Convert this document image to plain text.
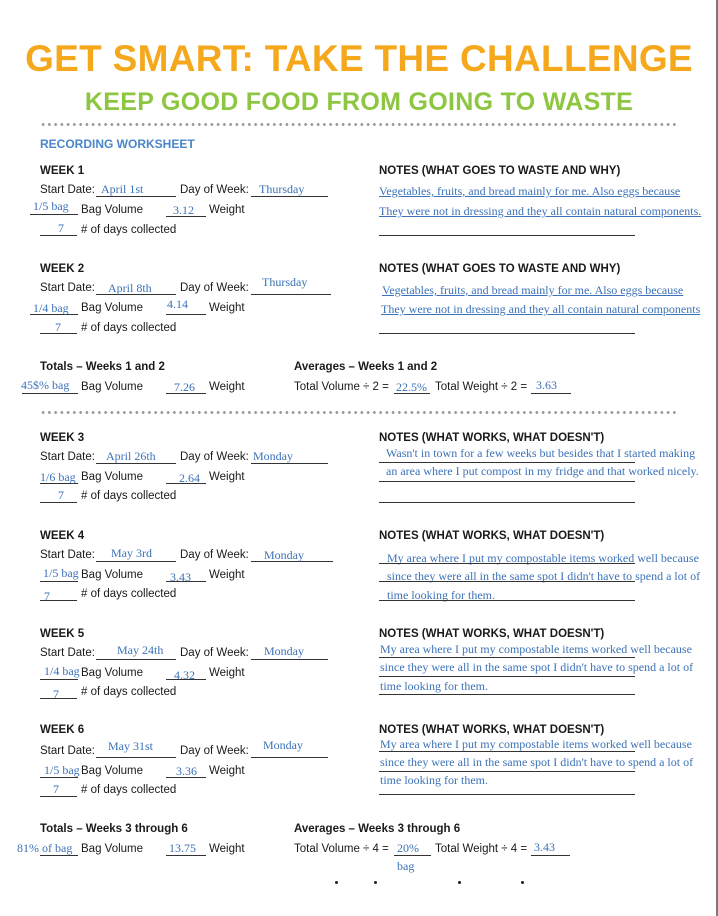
GET SMART: TAKE THE CHALLENGE
KEEP GOOD FOOD FROM GOING TO WASTE
RECORDING WORKSHEET
WEEK 1
Start Date: April 1st	Day of Week: Thursday
1/5 bag Bag Volume 3.12 Weight
7 # of days collected
NOTES (WHAT GOES TO WASTE AND WHY)
Vegetables, fruits, and bread mainly for me. Also eggs because
They were not in dressing and they all contain natural components.
WEEK 2
Start Date: April 8th Day of Week: Thursday
1/4 bag Bag Volume 4.14 Weight
7 # of days collected
NOTES (WHAT GOES TO WASTE AND WHY)
Vegetables, fruits, and bread mainly for me. Also eggs because
They were not in dressing and they all contain natural components
Totals – Weeks 1 and 2
45$% bag Bag Volume	7.26 Weight
Averages – Weeks 1 and 2
Total Volume ÷ 2 = 22.5% Total Weight ÷ 2 = 3.63
WEEK 3
Start Date: April 26th Day of Week: Monday
1/6 bag Bag Volume	2.64 Weight
7 # of days collected
NOTES (WHAT WORKS, WHAT DOESN'T)
Wasn't in town for a few weeks but besides that I started making
an area where I put compost in my fridge and that worked nicely.
WEEK 4
Start Date: May 3rd Day of Week: Monday
1/5 bag Bag Volume 3.43 Weight
7	# of days collected
NOTES (WHAT WORKS, WHAT DOESN'T)
My area where I put my compostable items worked well because
since they were all in the same spot I didn't have to spend a lot of
time looking for them.
WEEK 5
Start Date: May 24th Day of Week: Monday
1/4 bag Bag Volume	4.32 Weight
7 # of days collected
NOTES (WHAT WORKS, WHAT DOESN'T)
My area where I put my compostable items worked well because
since they were all in the same spot I didn't have to spend a lot of
time looking for them.
WEEK 6
Start Date: May 31st Day of Week: Monday
1/5 bag Bag Volume	3.36 Weight
7 # of days collected
NOTES (WHAT WORKS, WHAT DOESN'T)
My area where I put my compostable items worked well because
since they were all in the same spot I didn't have to spend a lot of
time looking for them.
Totals – Weeks 3 through 6
81% of bag Bag Volume 13.75 Weight
Averages – Weeks 3 through 6
Total Volume ÷ 4 = 20%
bag
Total Weight ÷ 4 = 3.43
